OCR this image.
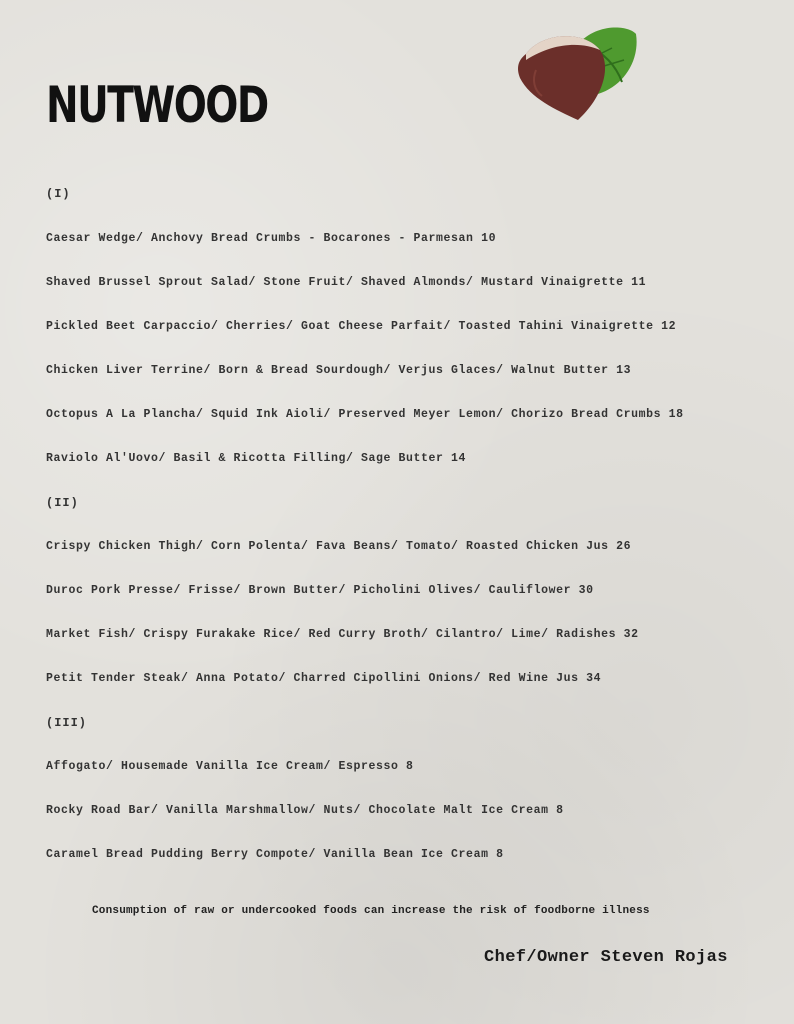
NUTWOOD
(I)
Caesar Wedge/ Anchovy Bread Crumbs - Bocarones - Parmesan 10
Shaved Brussel Sprout Salad/ Stone Fruit/ Shaved Almonds/ Mustard Vinaigrette 11
Pickled Beet Carpaccio/ Cherries/ Goat Cheese Parfait/ Toasted Tahini Vinaigrette 12
Chicken Liver Terrine/ Born & Bread Sourdough/ Verjus Glaces/ Walnut Butter 13
Octopus A La Plancha/ Squid Ink Aioli/ Preserved Meyer Lemon/ Chorizo Bread Crumbs 18
Raviolo Al'Uovo/ Basil & Ricotta Filling/ Sage Butter 14
(II)
Crispy Chicken Thigh/ Corn Polenta/ Fava Beans/ Tomato/ Roasted Chicken Jus 26
Duroc Pork Presse/ Frisse/ Brown Butter/ Picholini Olives/ Cauliflower 30
Market Fish/ Crispy Furakake Rice/ Red Curry Broth/ Cilantro/ Lime/ Radishes 32
Petit Tender Steak/ Anna Potato/ Charred Cipollini Onions/ Red Wine Jus 34
(III)
Affogato/ Housemade Vanilla Ice Cream/ Espresso 8
Rocky Road Bar/ Vanilla Marshmallow/ Nuts/ Chocolate Malt Ice Cream 8
Caramel Bread Pudding Berry Compote/ Vanilla Bean Ice Cream 8
Consumption of raw or undercooked foods can increase the risk of foodborne illness
Chef/Owner Steven Rojas
